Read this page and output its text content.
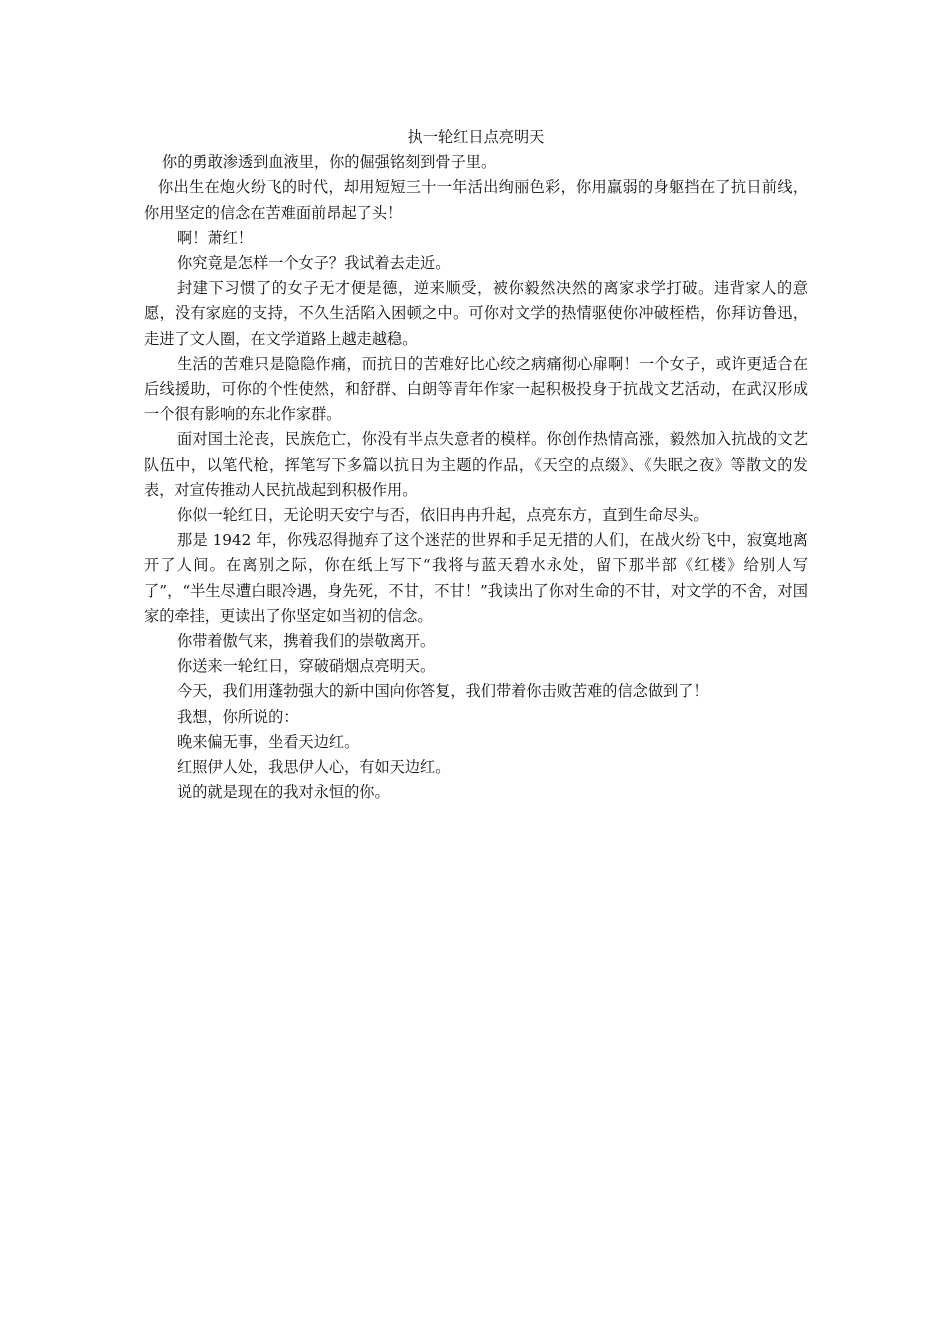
执一轮红日点亮明天

你的勇敢渗透到血液里，你的倔强铭刻到骨子里。

你出生在炮火纷飞的时代，却用短短三十一年活出绚丽色彩，你用羸弱的身躯挡在了抗日前线，你用坚定的信念在苦难面前昂起了头！

啊！萧红！

你究竟是怎样一个女子？我试着去走近。

封建下习惯了的女子无才便是德，逆来顺受，被你毅然决然的离家求学打破。违背家人的意愿，没有家庭的支持，不久生活陷入困顿之中。可你对文学的热情驱使你冲破桎梏，你拜访鲁迅，走进了文人圈，在文学道路上越走越稳。

生活的苦难只是隐隐作痛，而抗日的苦难好比心绞之病痛彻心扉啊！一个女子，或许更适合在后线援助，可你的个性使然，和舒群、白朗等青年作家一起积极投身于抗战文艺活动，在武汉形成一个很有影响的东北作家群。

面对国土沦丧，民族危亡，你没有半点失意者的模样。你创作热情高涨，毅然加入抗战的文艺队伍中，以笔代枪，挥笔写下多篇以抗日为主题的作品，《天空的点缀》、《失眠之夜》等散文的发表，对宣传推动人民抗战起到积极作用。

你似一轮红日，无论明天安宁与否，依旧冉冉升起，点亮东方，直到生命尽头。

那是 1942 年，你残忍得抛弃了这个迷茫的世界和手足无措的人们，在战火纷飞中，寂寞地离开了人间。在离别之际，你在纸上写下“我将与蓝天碧水永处，留下那半部《红楼》给别人写了”，“半生尽遭白眼冷遇，身先死，不甘，不甘！”我读出了你对生命的不甘，对文学的不舍，对国家的牵挂，更读出了你坚定如当初的信念。

你带着傲气来，携着我们的崇敬离开。

你送来一轮红日，穿破硝烟点亮明天。

今天，我们用蓬勃强大的新中国向你答复，我们带着你击败苦难的信念做到了！

我想，你所说的：

晚来偏无事，坐看天边红。

红照伊人处，我思伊人心，有如天边红。

说的就是现在的我对永恒的你。
